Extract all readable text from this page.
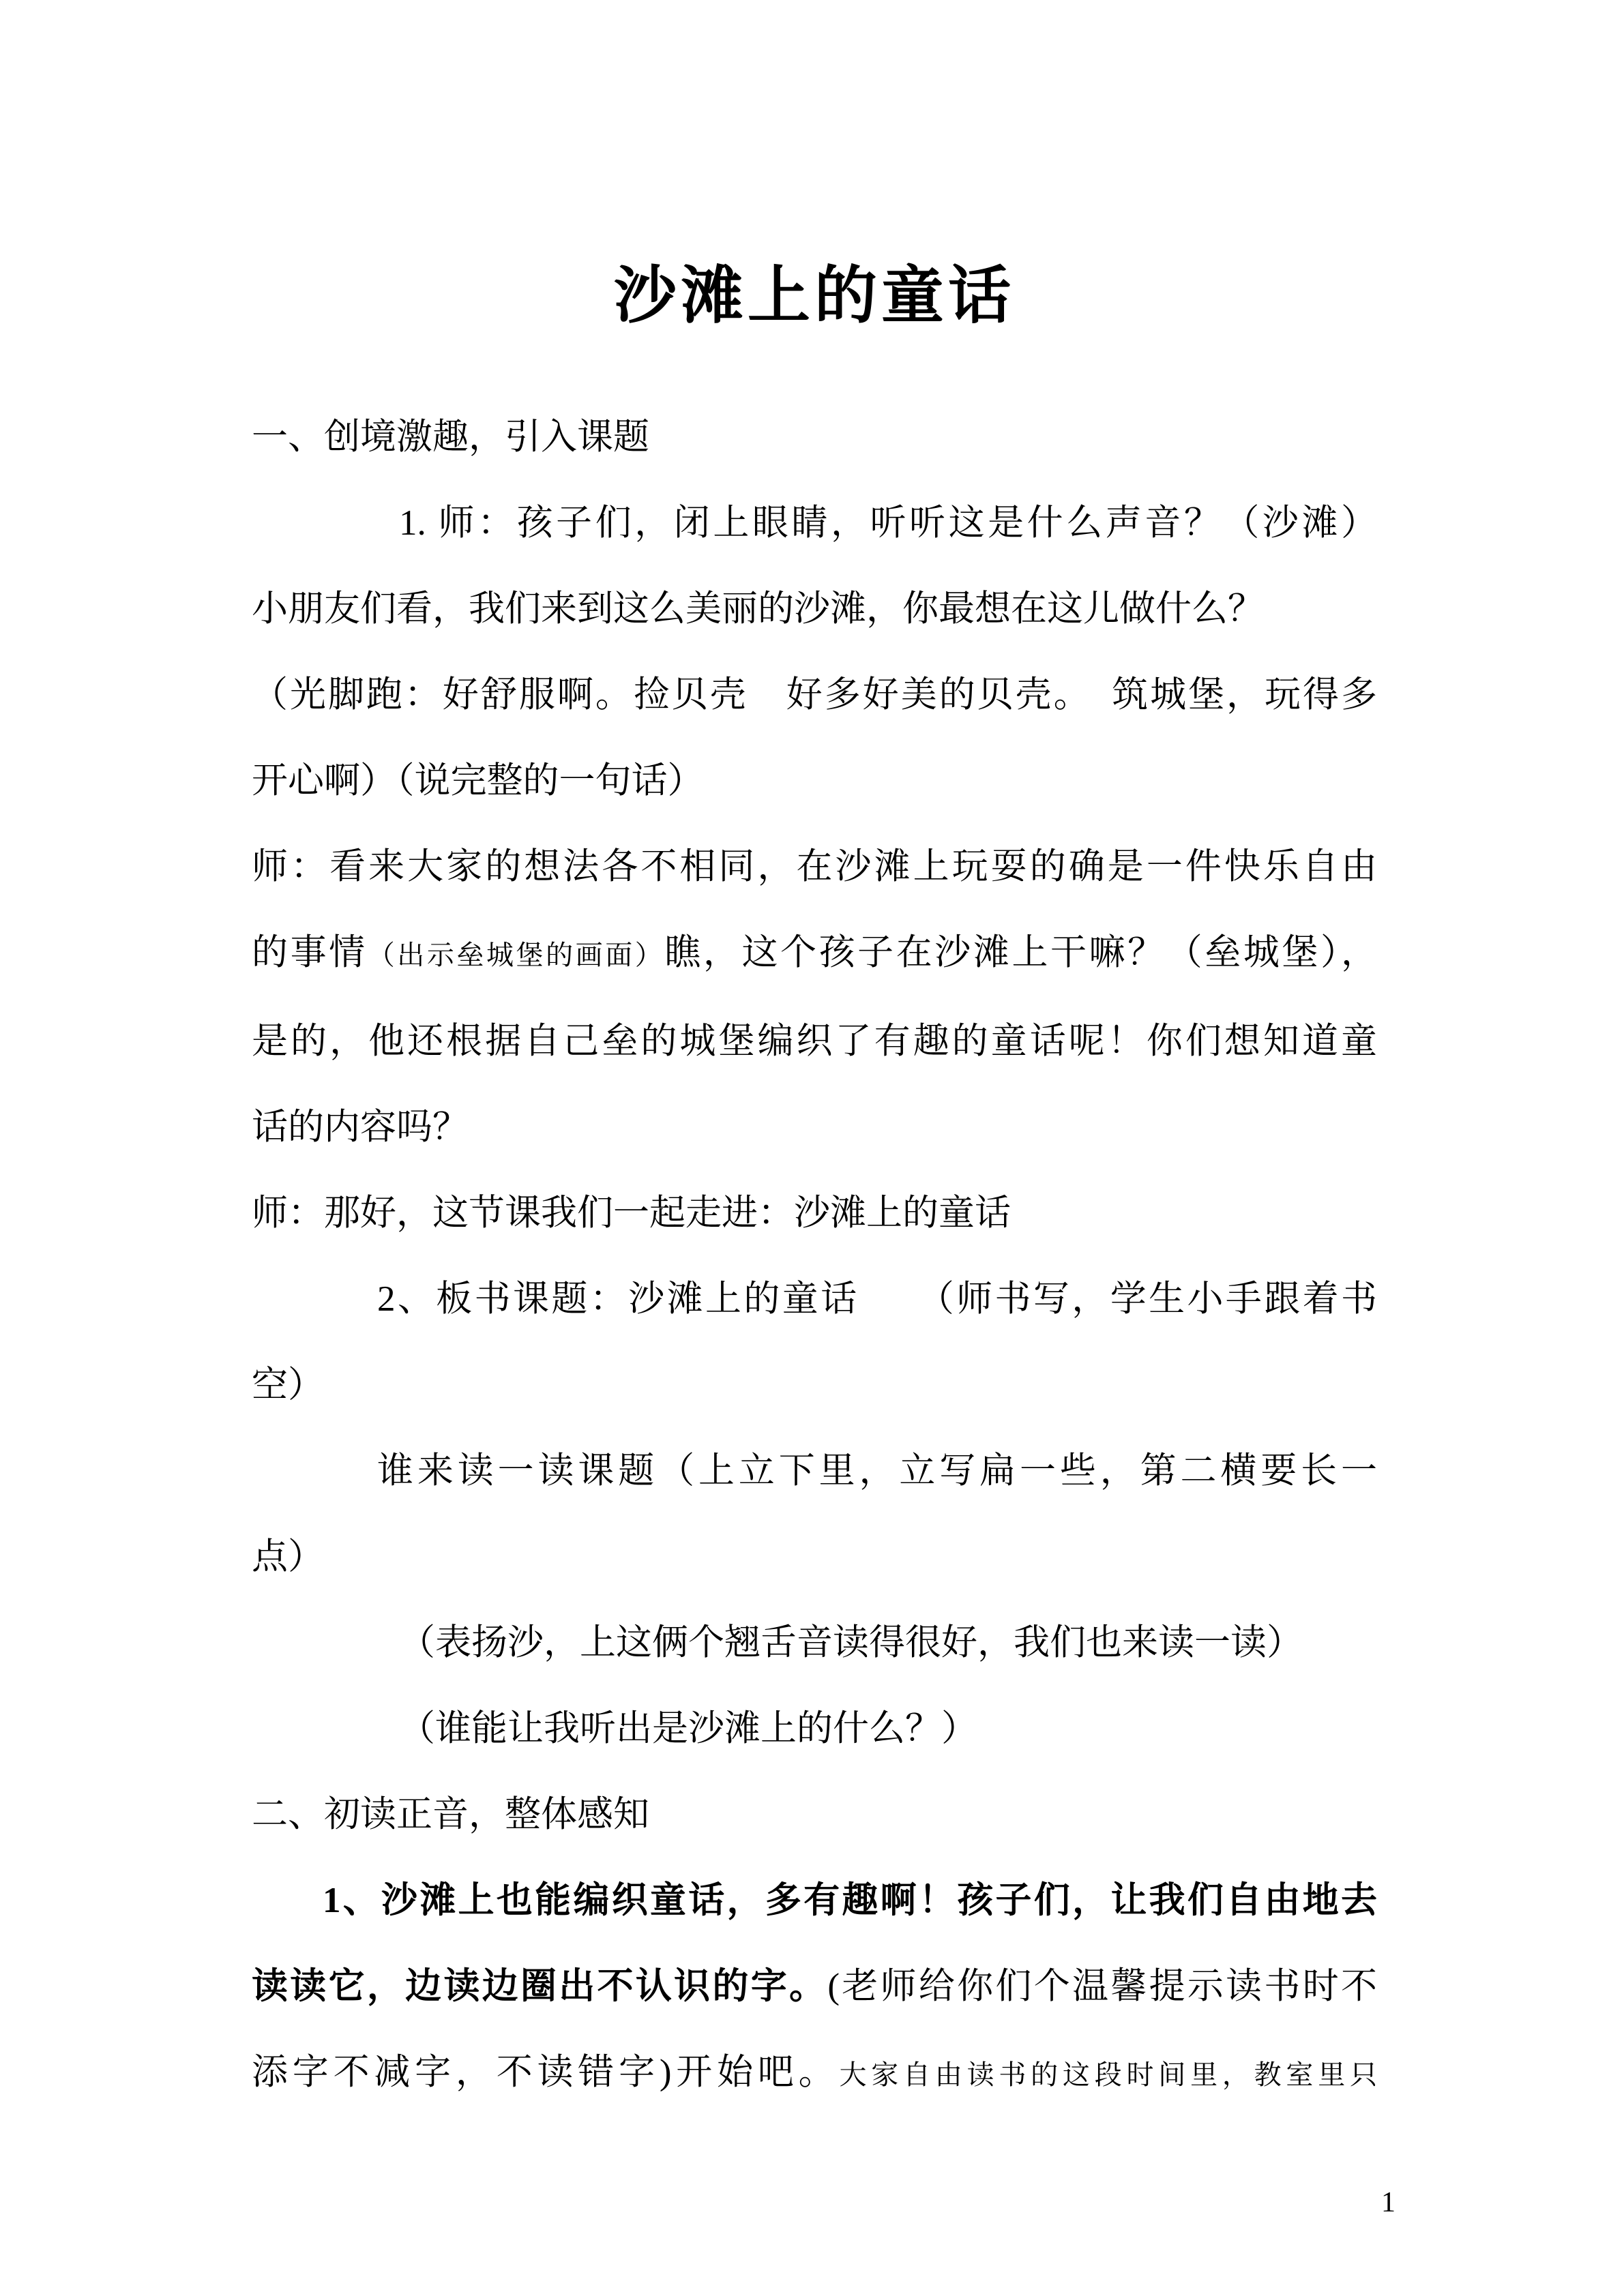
沙滩上的童话
一、创境激趣，引入课题
1. 师：孩子们，闭上眼睛，听听这是什么声音？（沙滩）
小朋友们看，我们来到这么美丽的沙滩，你最想在这儿做什么？
（光脚跑：好舒服啊。捡贝壳　好多好美的贝壳。　筑城堡，玩得多
开心啊）（说完整的一句话）
师：看来大家的想法各不相同，在沙滩上玩耍的确是一件快乐自由
的事情（出示垒城堡的画面）瞧，这个孩子在沙滩上干嘛？（垒城堡），
是的，他还根据自己垒的城堡编织了有趣的童话呢！你们想知道童
话的内容吗？
师：那好，这节课我们一起走进：沙滩上的童话
2、板书课题：沙滩上的童话　　（师书写，学生小手跟着书
空）
谁来读一读课题（上立下里，立写扁一些，第二横要长一
点）
（表扬沙，上这俩个翘舌音读得很好，我们也来读一读）
（谁能让我听出是沙滩上的什么？）
二、初读正音，整体感知
1、沙滩上也能编织童话，多有趣啊！孩子们，让我们自由地去
读读它，边读边圈出不认识的字。(老师给你们个温馨提示读书时不
添字不减字，不读错字)开始吧。大家自由读书的这段时间里，教室里只
1
